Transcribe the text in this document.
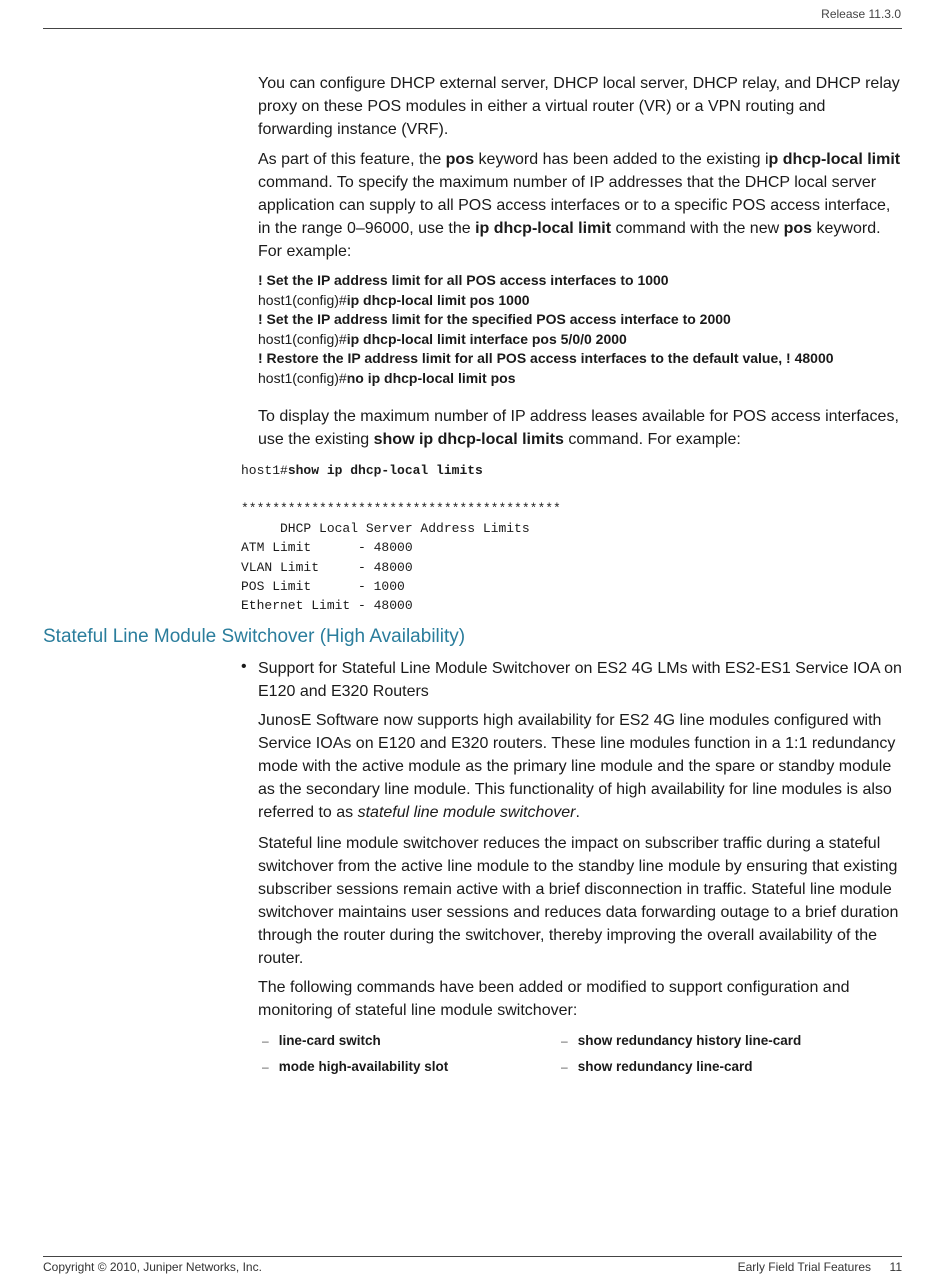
Release 11.3.0

You can configure DHCP external server, DHCP local server, DHCP relay, and DHCP relay proxy on these POS modules in either a virtual router (VR) or a VPN routing and forwarding instance (VRF).

As part of this feature, the pos keyword has been added to the existing ip dhcp-local limit command. To specify the maximum number of IP addresses that the DHCP local server application can supply to all POS access interfaces or to a specific POS access interface, in the range 0–96000, use the ip dhcp-local limit command with the new pos keyword. For example:

! Set the IP address limit for all POS access interfaces to 1000
host1(config)#ip dhcp-local limit pos 1000
! Set the IP address limit for the specified POS access interface to 2000
host1(config)#ip dhcp-local limit interface pos 5/0/0 2000
! Restore the IP address limit for all POS access interfaces to the default value, ! 48000
host1(config)#no ip dhcp-local limit pos

To display the maximum number of IP address leases available for POS access interfaces, use the existing show ip dhcp-local limits command. For example:

host1#show ip dhcp-local limits
*****************************************
DHCP Local Server Address Limits
ATM Limit      - 48000
VLAN Limit     - 48000
POS Limit      - 1000
Ethernet Limit - 48000
Stateful Line Module Switchover (High Availability)
• Support for Stateful Line Module Switchover on ES2 4G LMs with ES2-ES1 Service IOA on E120 and E320 Routers

JunosE Software now supports high availability for ES2 4G line modules configured with Service IOAs on E120 and E320 routers. These line modules function in a 1:1 redundancy mode with the active module as the primary line module and the spare or standby module as the secondary line module. This functionality of high availability for line modules is also referred to as stateful line module switchover.

Stateful line module switchover reduces the impact on subscriber traffic during a stateful switchover from the active line module to the standby line module by ensuring that existing subscriber sessions remain active with a brief disconnection in traffic. Stateful line module switchover maintains user sessions and reduces data forwarding outage to a brief duration through the router during the switchover, thereby improving the overall availability of the router.

The following commands have been added or modified to support configuration and monitoring of stateful line module switchover:

– line-card switch
– mode high-availability slot
– show redundancy history line-card
– show redundancy line-card
Copyright © 2010, Juniper Networks, Inc.	Early Field Trial Features 11
